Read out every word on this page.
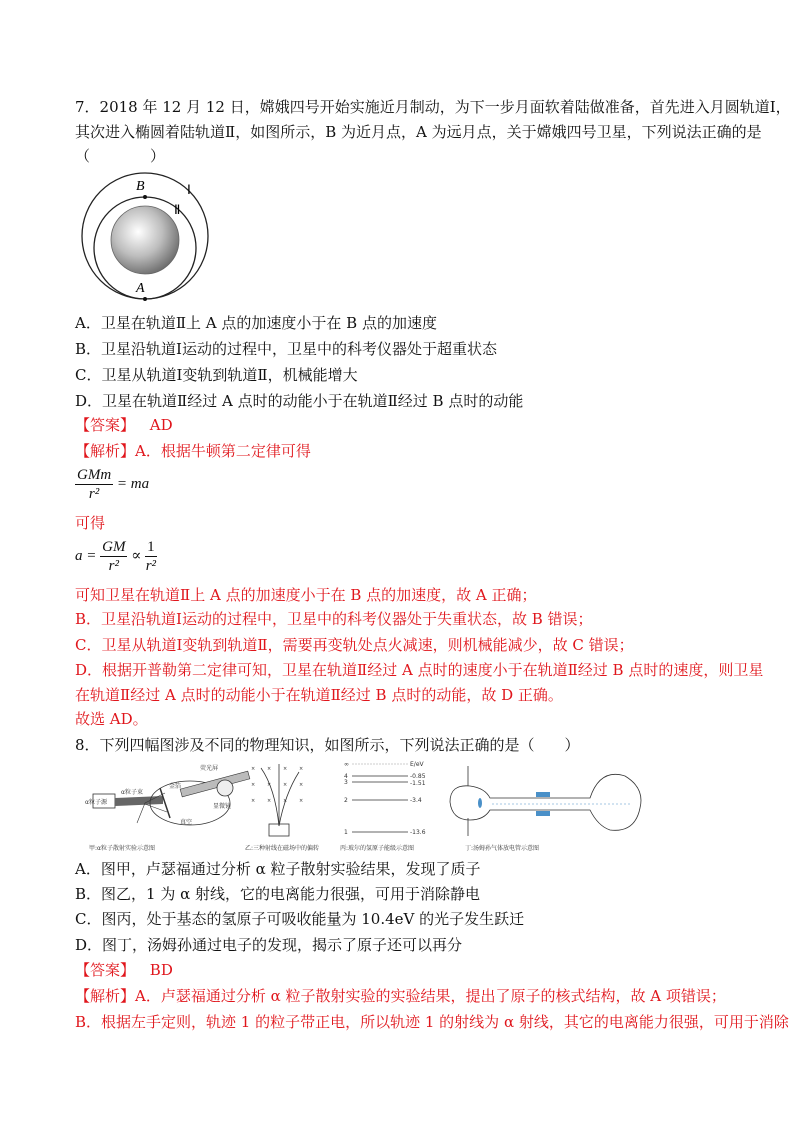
7．2018 年 12 月 12 日，嫦娥四号开始实施近月制动，为下一步月面软着陆做准备，首先进入月圆轨道Ⅰ，
其次进入椭圆着陆轨道Ⅱ，如图所示，B 为近月点，A 为远月点，关于嫦娥四号卫星，下列说法正确的是
（　　　　）
B
A
Ⅰ
Ⅱ
A．卫星在轨道Ⅱ上 A 点的加速度小于在 B 点的加速度
B．卫星沿轨道Ⅰ运动的过程中，卫星中的科考仪器处于超重状态
C．卫星从轨道Ⅰ变轨到轨道Ⅱ，机械能增大
D．卫星在轨道Ⅱ经过 A 点时的动能小于在轨道Ⅱ经过 B 点时的动能
【答案】 AD
【解析】A．根据牛顿第二定律可得
$\frac{\text{GMm}}{\text{r²}}$ = ma
可得
$a = \frac{GM}{\text{r²}} \propto \frac{1}{\text{r²}}$
可知卫星在轨道Ⅱ上 A 点的加速度小于在 B 点的加速度，故 A 正确；
B．卫星沿轨道Ⅰ运动的过程中，卫星中的科考仪器处于失重状态，故 B 错误；
C．卫星从轨道Ⅰ变轨到轨道Ⅱ，需要再变轨处点火减速，则机械能减少，故 C 错误；
D．根据开普勒第二定律可知，卫星在轨道Ⅱ经过 A 点时的速度小于在轨道Ⅱ经过 B 点时的速度，则卫星
在轨道Ⅱ经过 A 点时的动能小于在轨道Ⅱ经过 B 点时的动能，故 D 正确。
故选 AD。
8．下列四幅图涉及不同的物理知识，如图所示，下列说法正确的是（　　）
α粒子源
α粒子束
金箔
显微镜
荧光屏
真空
甲:α粒子散射实验示意图
× × × ×
× × × ×
× × × ×
乙:三种射线在磁场中的偏转
∞	E/eV
4	-0.85
3	-1.51
2	-3.4
1	-13.6
丙:玻尔的氢原子能级示意图	丁:汤姆孙气体放电管示意图
A．图甲，卢瑟福通过分析 α 粒子散射实验结果，发现了质子
B．图乙，1 为 α 射线，它的电离能力很强，可用于消除静电
C．图丙，处于基态的氢原子可吸收能量为 10.4eV 的光子发生跃迁
D．图丁，汤姆孙通过电子的发现，揭示了原子还可以再分
【答案】 BD
【解析】A．卢瑟福通过分析 α 粒子散射实验的实验结果，提出了原子的核式结构，故 A 项错误；
B．根据左手定则，轨迹 1 的粒子带正电，所以轨迹 1 的射线为 α 射线，其它的电离能力很强，可用于消除
